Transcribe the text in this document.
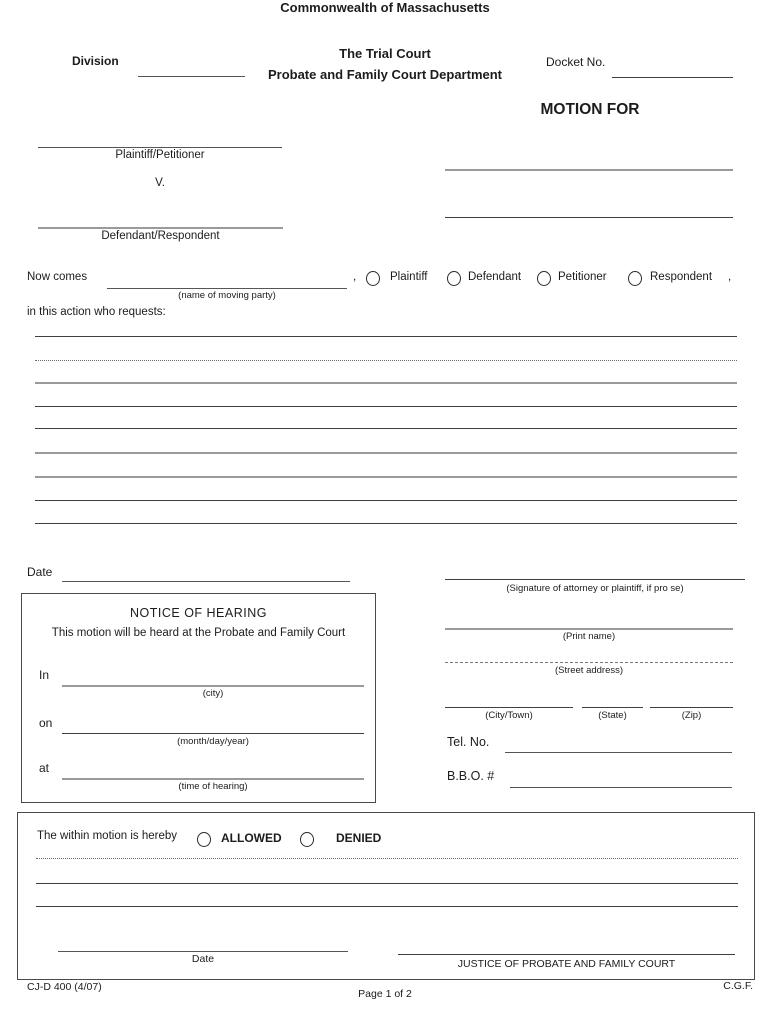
Commonwealth of Massachusetts
The Trial Court
Probate and Family Court Department
Division	Docket No.
MOTION FOR
Plaintiff/Petitioner
V.
Defendant/Respondent
Now comes
(name of moving party)
,	Plaintiff	Defendant	Petitioner	Respondent ,
in this action who requests:
Date
(Signature of attorney or plaintiff, if pro se)
NOTICE OF HEARING
This motion will be heard at the Probate and Family Court
In
(city)
on
(month/day/year)
at
(time of hearing)
(Print name)
(Street address)
(City/Town)	(State)	(Zip)
Tel. No.
B.B.O. #
The within motion is hereby	ALLOWED	DENIED
Date	JUSTICE OF PROBATE AND FAMILY COURT
CJ-D 400 (4/07)
Page 1 of 2
C.G.F.
